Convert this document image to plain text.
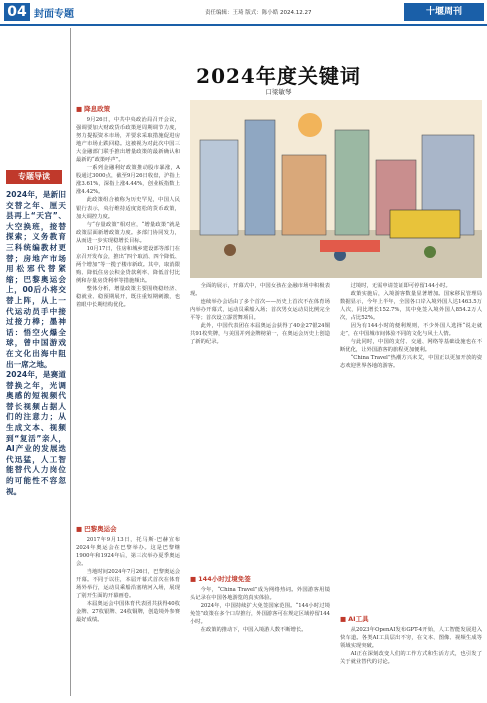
04 封面专题	责任编辑：王琦 版式：陈小皓 2024.12.27	十堰周刊
专题导读
2024年，是新旧交替之年、厘天县再上“天宫”、大空换班，接替探索；义务教育三科统编教材更替；房地产市场用松邪代替紧缩；巴黎奥运会上，00后小将交替上阵，从上一代运动员手中接过接力棒；墨神话：悟空火爆全球，曾中国游戏在文化出海中阻出一席之地。
2024年，是赛道替换之年，光调奥感的短视频代替长视频占据人们的注意力；从生成文本、视频到“复活”亲人，AI产业的发展迭代迅猛，人工智能替代人力岗位的可能性不容忽视。
2024年度关键词
口梁敏琴
■ 降息政策

9月26日，中共中央政治局召开会议，强调要加大财政货币政策逆周期调节力度，努力提振资本市场，并要求采取措施促进房地产市场止跌回稳。这被视为对此次中国三大金融部门联手推出增量政策的最新确认和最新的“政策呼声”。

一系列金融利好政策推动股市暴涨，A股通过3000点，截至9月26日收盘，沪指上涨3.61%，深指上涨4.44%，创业板指数上涨4.42%。

此政策组合被称为历史罕见，中国人民银行表示，央行维持适度宽松的货币政策，加大调控力度。

与“存量政策”相对应，“增量政策”就是政策层面新增政策力度。多部门协同发力，从而进一步实现稳增长目标。

10月17日，住房和城乡建设部等部门在京召开发布会，推出“四个取消、四个降低、两个增加”等一揽子楼市新政。其中，取消限购、降低住房公积金贷款利率、降低首付比例和存量房贷利率等措施频出。

整体分析，增量政策主要围绕稳经济、稳就业、稳预期展开，既注重短期刺激，也着眼中长期结构优化。

■ 巴黎奥运会

2017年9月13日，托马斯·巴赫宣布2024年奥运会在巴黎举办。这是巴黎继1900年和1924年后，第三次举办夏季奥运会。

当地时间2024年7月26日，巴黎奥运会开幕。不同于以往，本届开幕式首次在体育场外举行，运动员乘船沿塞纳河入场，展现了别开生面的开幕画卷。

本届奥运会中国体育代表团共获得40枚金牌、27枚银牌、24枚铜牌，创造境外参赛最好成绩。

全面的展示，开幕式中，中国女孩在金融市场中积极表现。

连续举办会话由了多个首次——历史上首次不在体育场内举办开幕式，运动员乘船入场；首次男女运动员比例完全平等；首次设立霹雳舞项目。

此外，中国代表团在本届奥运会获得了40金27银24铜共91枚奖牌，与美国并列金牌榜第一，在奥运会历史上创造了新的纪录。

■ 144小时过境免签

今年，“China Travel”成为网络热词。外国游客用镜头记录在中国各地游览的真实体验。

2024年，中国持续扩大免签国家范围。“144小时过境免签”政策在多个口岸推行，外国游客可在规定区域停留144小时。

在政策的推动下，中国入境游人数不断增长。

过境时，无需申请签证即可停留144小时。

政策实施后，入境游客数量显著增加。国家移民管理局数据显示，今年上半年，全国各口岸入境外国人达1463.5万人次，同比增长152.7%，其中免签入境外国人854.2万人次，占比52%。

因为有144小时的便利规则，不少外国人选择“说走就走”，在中国城市间体验不同的文化与风土人情。

与此同时，中国的支付、交通、网络等基础设施也在不断优化，让外国游客的旅程更加便利。

“China Travel”热潮方兴未艾，中国正以更加开放的姿态欢迎世界各地的游客。

■ AI工具

从2023年OpenAI发布GPT-4开始，人工智能发展进入快车道。各类AI工具层出不穷，在文本、图像、视频生成等领域实现突破。

AI正在深刻改变人们的工作方式和生活方式，也引发了关于就业替代的讨论。
